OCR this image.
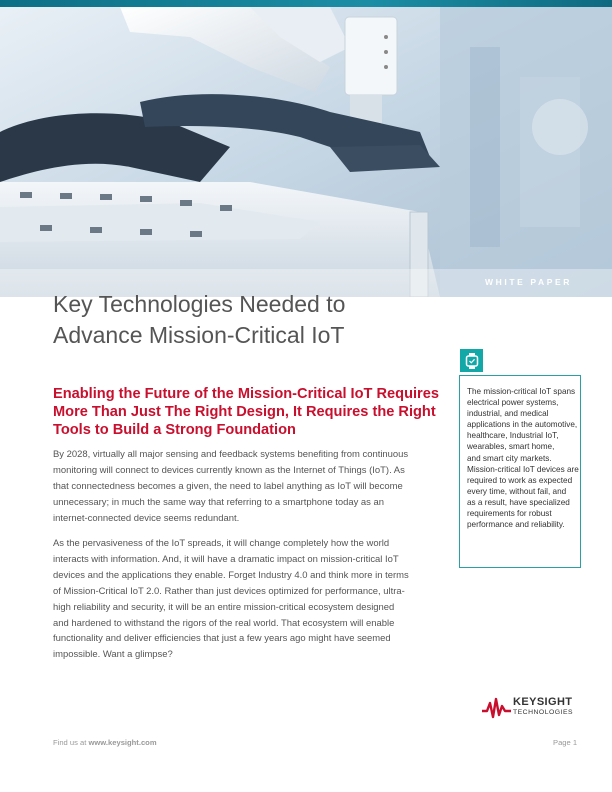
WHITE PAPER
Key Technologies Needed to
Advance Mission-Critical IoT
Enabling the Future of the Mission-Critical IoT Requires
More Than Just The Right Design, It Requires the Right
Tools to Build a Strong Foundation

By 2028, virtually all major sensing and feedback systems benefiting from continuous
monitoring will connect to devices currently known as the Internet of Things (IoT). As
that connectedness becomes a given, the need to label anything as IoT will become
unnecessary; in much the same way that referring to a smartphone today as an
internet-connected device seems redundant.

As the pervasiveness of the IoT spreads, it will change completely how the world
interacts with information. And, it will have a dramatic impact on mission-critical IoT
devices and the applications they enable. Forget Industry 4.0 and think more in terms
of Mission-Critical IoT 2.0. Rather than just devices optimized for performance, ultra-
high reliability and security, it will be an entire mission-critical ecosystem designed
and hardened to withstand the rigors of the real world. That ecosystem will enable
functionality and deliver efficiencies that just a few years ago might have seemed
impossible. Want a glimpse?

The mission-critical IoT spans
electrical power systems,
industrial, and medical
applications in the automotive,
healthcare, Industrial IoT,
wearables, smart home,
and smart city markets.
Mission-critical IoT devices are
required to work as expected
every time, without fail, and
as a result, have specialized
requirements for robust
performance and reliability.
KEYSIGHT
TECHNOLOGIES
Find us at www.keysight.com	Page 1
